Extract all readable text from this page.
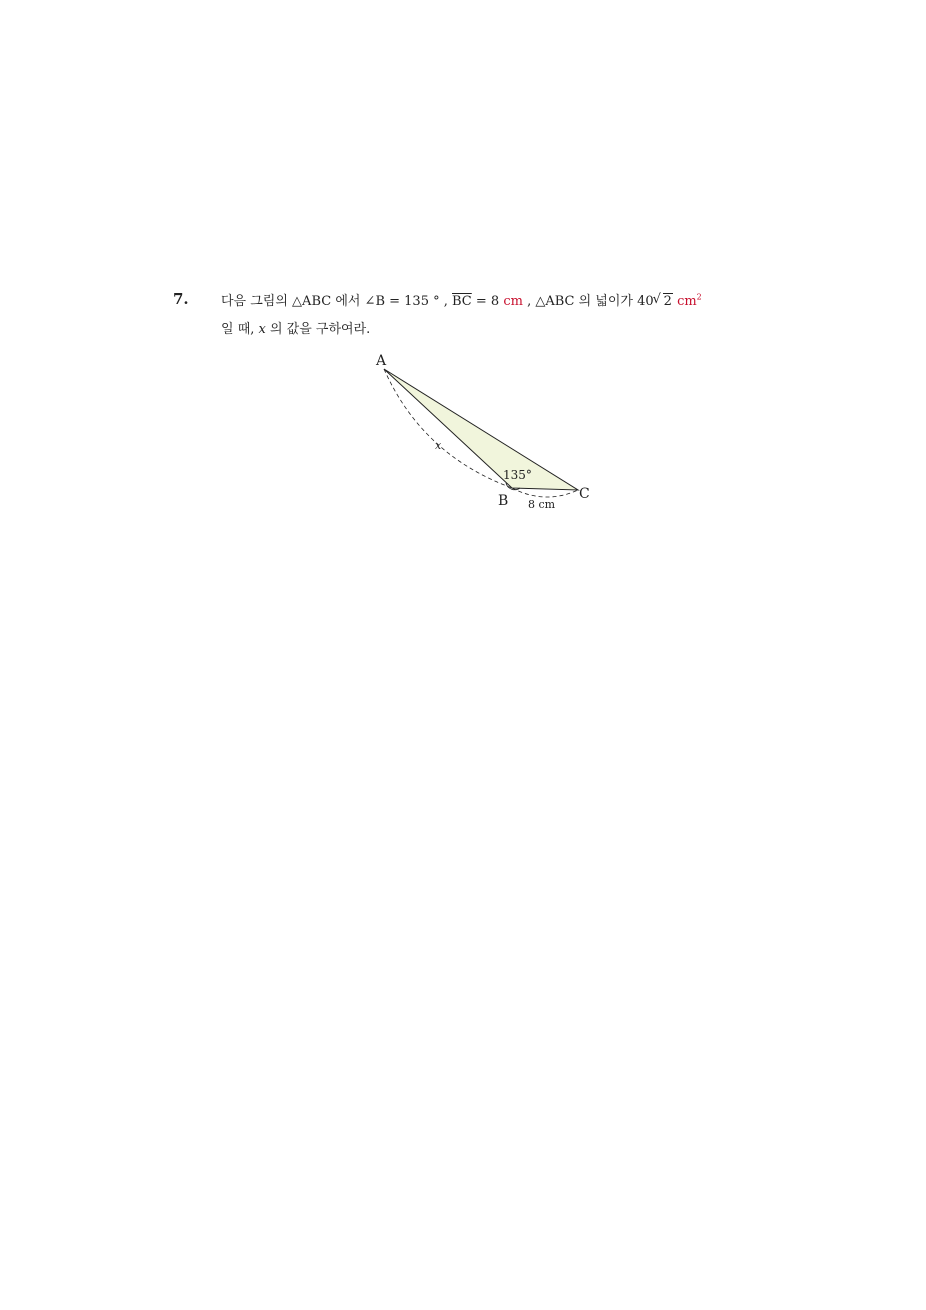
7. 다음 그림의 △ABC 에서 ∠B = 135 ° , $\overline{BC} = 8$ cm , △ABC 의 넓이가 40 √ 2 $cm^2$
일 때, x 의 값을 구하여라.
A
B	C
135°
x
8 cm
